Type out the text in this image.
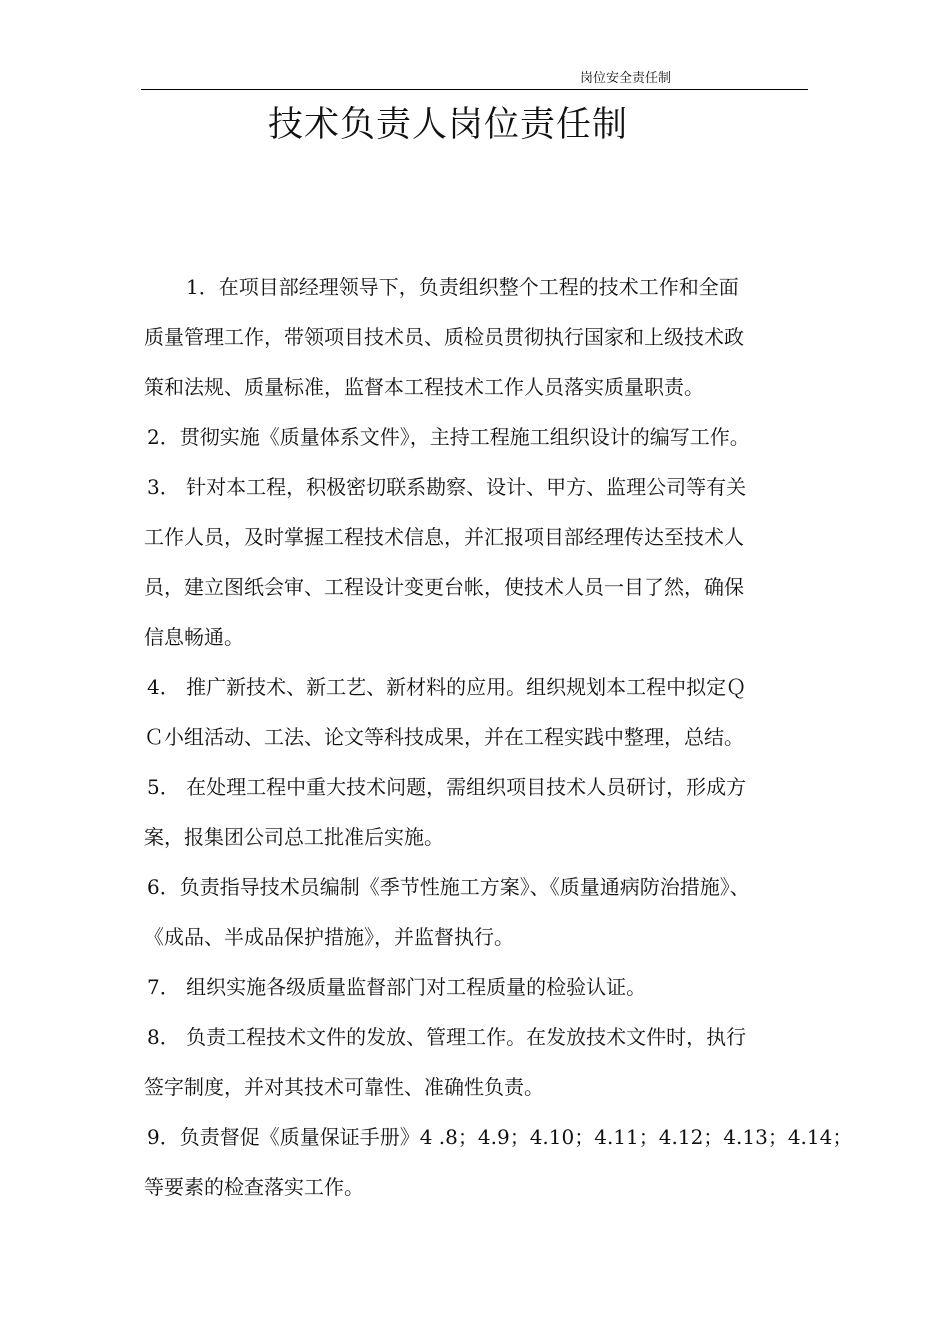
岗位安全责任制
技术负责人岗位责任制

1．在项目部经理领导下，负责组织整个工程的技术工作和全面

质量管理工作，带领项目技术员、质检员贯彻执行国家和上级技术政

策和法规、质量标准，监督本工程技术工作人员落实质量职责。

2．贯彻实施《质量体系文件》，主持工程施工组织设计的编写工作。

3． 针对本工程，积极密切联系勘察、设计、甲方、监理公司等有关

工作人员，及时掌握工程技术信息，并汇报项目部经理传达至技术人

员，建立图纸会审、工程设计变更台帐，使技术人员一目了然，确保

信息畅通。

4． 推广新技术、新工艺、新材料的应用。组织规划本工程中拟定Ｑ

Ｃ小组活动、工法、论文等科技成果，并在工程实践中整理，总结。

5． 在处理工程中重大技术问题，需组织项目技术人员研讨，形成方

案，报集团公司总工批准后实施。

6．负责指导技术员编制《季节性施工方案》、《质量通病防治措施》、

《成品、半成品保护措施》，并监督执行。

7． 组织实施各级质量监督部门对工程质量的检验认证。

8． 负责工程技术文件的发放、管理工作。在发放技术文件时，执行

签字制度，并对其技术可靠性、准确性负责。

9．负责督促《质量保证手册》4 .8；4.9；4.10；4.11；4.12；4.13；4.14；

等要素的检查落实工作。
